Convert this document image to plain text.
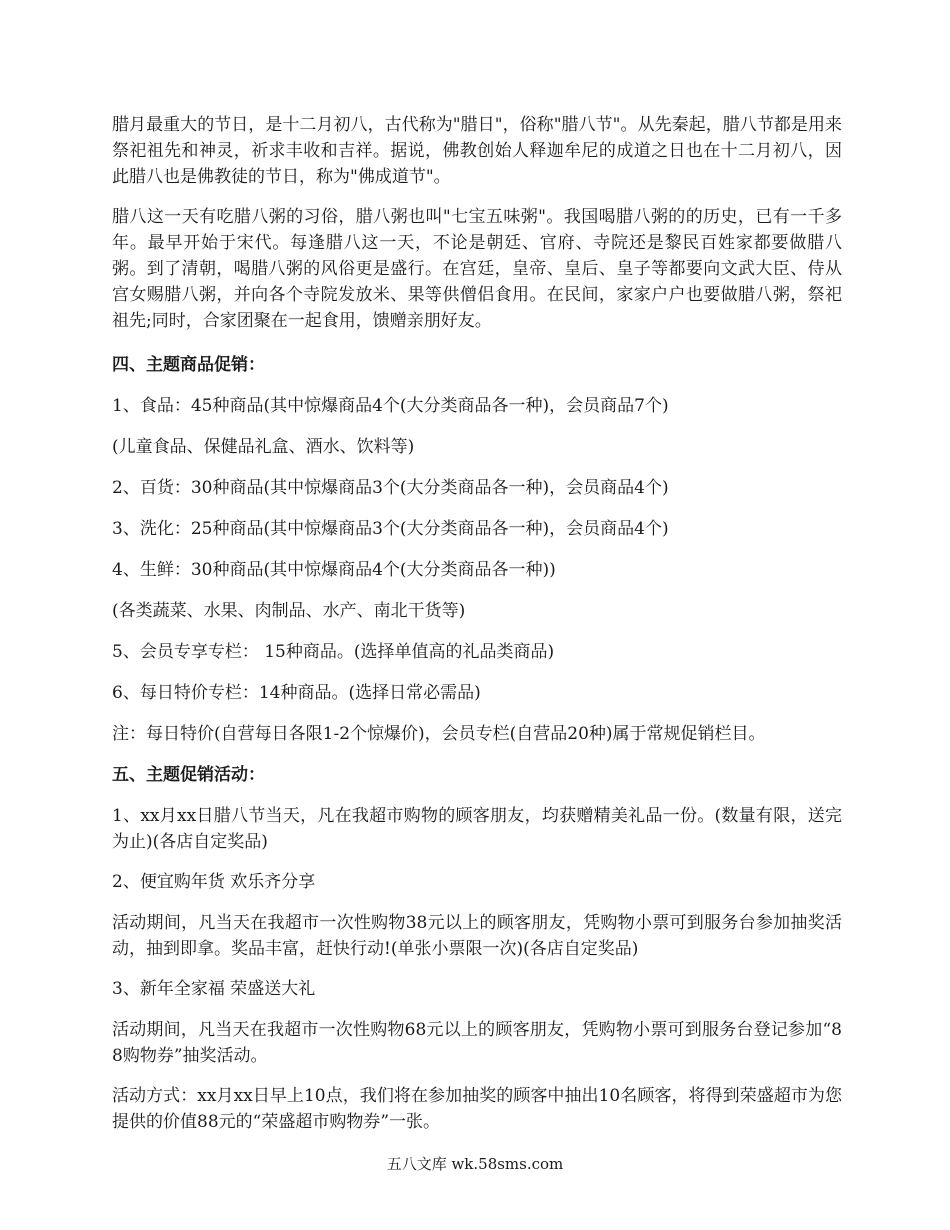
腊月最重大的节日，是十二月初八，古代称为"腊日"，俗称"腊八节"。从先秦起，腊八节都是用来祭祀祖先和神灵，祈求丰收和吉祥。据说，佛教创始人释迦牟尼的成道之日也在十二月初八，因此腊八也是佛教徒的节日，称为"佛成道节"。

腊八这一天有吃腊八粥的习俗，腊八粥也叫"七宝五味粥"。我国喝腊八粥的的历史，已有一千多年。最早开始于宋代。每逢腊八这一天，不论是朝廷、官府、寺院还是黎民百姓家都要做腊八粥。到了清朝，喝腊八粥的风俗更是盛行。在宫廷，皇帝、皇后、皇子等都要向文武大臣、侍从宫女赐腊八粥，并向各个寺院发放米、果等供僧侣食用。在民间，家家户户也要做腊八粥，祭祀祖先;同时，合家团聚在一起食用，馈赠亲朋好友。

四、主题商品促销：

1、食品：45种商品(其中惊爆商品4个(大分类商品各一种)，会员商品7个)

(儿童食品、保健品礼盒、酒水、饮料等)

2、百货：30种商品(其中惊爆商品3个(大分类商品各一种)，会员商品4个)

3、洗化：25种商品(其中惊爆商品3个(大分类商品各一种)，会员商品4个)

4、生鲜：30种商品(其中惊爆商品4个(大分类商品各一种))

(各类蔬菜、水果、肉制品、水产、南北干货等)

5、会员专享专栏： 15种商品。(选择单值高的礼品类商品)

6、每日特价专栏：14种商品。(选择日常必需品)

注：每日特价(自营每日各限1-2个惊爆价)，会员专栏(自营品20种)属于常规促销栏目。

五、主题促销活动：

1、xx月xx日腊八节当天，凡在我超市购物的顾客朋友，均获赠精美礼品一份。(数量有限，送完为止)(各店自定奖品)

2、便宜购年货 欢乐齐分享

活动期间，凡当天在我超市一次性购物38元以上的顾客朋友，凭购物小票可到服务台参加抽奖活动，抽到即拿。奖品丰富，赶快行动!(单张小票限一次)(各店自定奖品)

3、新年全家福 荣盛送大礼

活动期间，凡当天在我超市一次性购物68元以上的顾客朋友，凭购物小票可到服务台登记参加“88购物券”抽奖活动。

活动方式：xx月xx日早上10点，我们将在参加抽奖的顾客中抽出10名顾客，将得到荣盛超市为您提供的价值88元的“荣盛超市购物券”一张。

五八文库 wk.58sms.com
